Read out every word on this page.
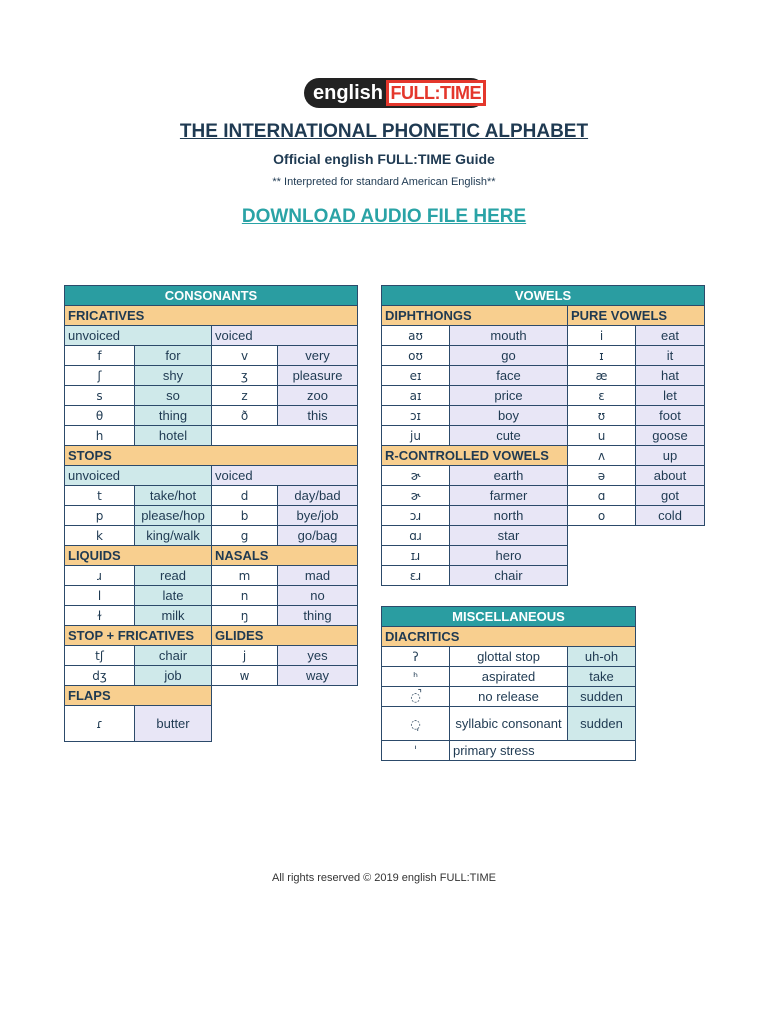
english FULL:TIME
THE INTERNATIONAL PHONETIC ALPHABET
Official english FULL:TIME Guide
** Interpreted for standard American English**
DOWNLOAD AUDIO FILE HERE
CONSONANTS			
FRICATIVES			
unvoiced		voiced	
f	for	v	very
ʃ	shy	ʒ	pleasure
s	so	z	zoo
θ	thing	ð	this
h	hotel		
STOPS			
unvoiced		voiced	
t	take/hot	d	day/bad
p	please/hop	b	bye/job
k	king/walk	g	go/bag
LIQUIDS		NASALS	
ɹ	read	m	mad
l	late	n	no
ɫ	milk	ŋ	thing
STOP + FRICATIVES		GLIDES	
tʃ	chair	j	yes
dʒ	job	w	way
FLAPS			
ɾ	butter		
VOWELS			
DIPHTHONGS		PURE VOWELS	
aʊ	mouth	i	eat
oʊ	go	ɪ	it
eɪ	face	æ	hat
aɪ	price	ɛ	let
ɔɪ	boy	ʊ	foot
ju	cute	u	goose
R-CONTROLLED VOWELS		ʌ	up
ɚ	earth	ə	about
ɚ	farmer	ɑ	got
ɔɹ	north	o	cold
ɑɹ	star		
ɪɹ	hero		
ɛɹ	chair		
MISCELLANEOUS		
DIACRITICS		
ʔ	glottal stop	uh-oh
ʰ	aspirated	take
◌̚	no release	sudden
◌̩	syllabic consonant	sudden
ˈ	primary stress	
All rights reserved © 2019 english FULL:TIME
